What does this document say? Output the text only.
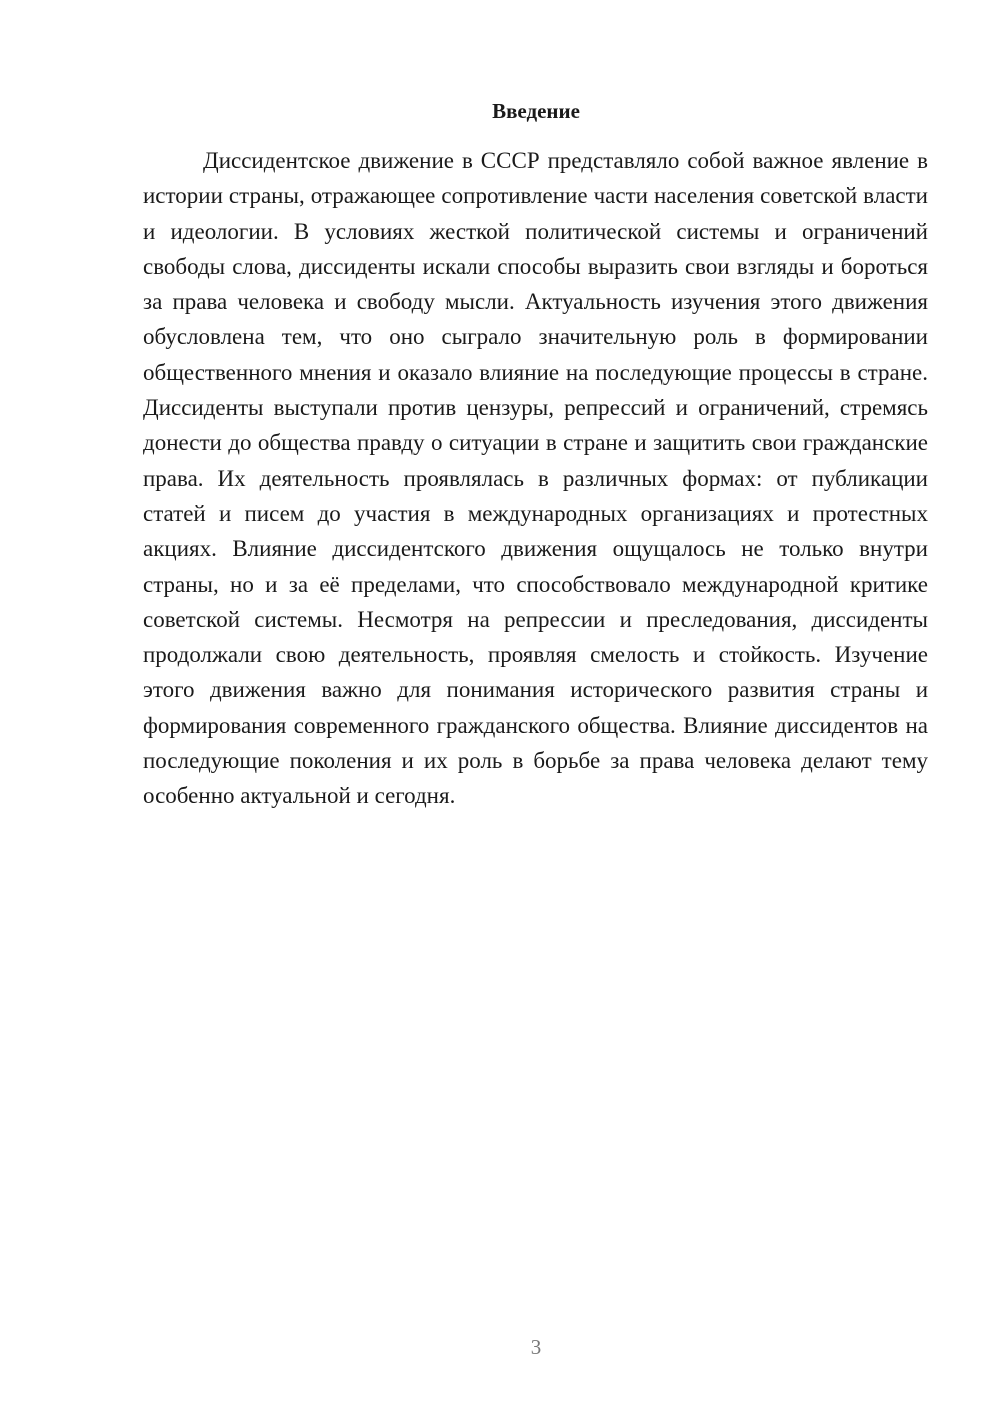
Введение

Диссидентское движение в СССР представляло собой важное явление в истории страны, отражающее сопротивление части населения советской власти и идеологии. В условиях жесткой политической системы и ограничений свободы слова, диссиденты искали способы выразить свои взгляды и бороться за права человека и свободу мысли. Актуальность изучения этого движения обусловлена тем, что оно сыграло значительную роль в формировании общественного мнения и оказало влияние на последующие процессы в стране. Диссиденты выступали против цензуры, репрессий и ограничений, стремясь донести до общества правду о ситуации в стране и защитить свои гражданские права. Их деятельность проявлялась в различных формах: от публикации статей и писем до участия в международных организациях и протестных акциях. Влияние диссидентского движения ощущалось не только внутри страны, но и за её пределами, что способствовало международной критике советской системы. Несмотря на репрессии и преследования, диссиденты продолжали свою деятельность, проявляя смелость и стойкость. Изучение этого движения важно для понимания исторического развития страны и формирования современного гражданского общества. Влияние диссидентов на последующие поколения и их роль в борьбе за права человека делают тему особенно актуальной и сегодня.

3
